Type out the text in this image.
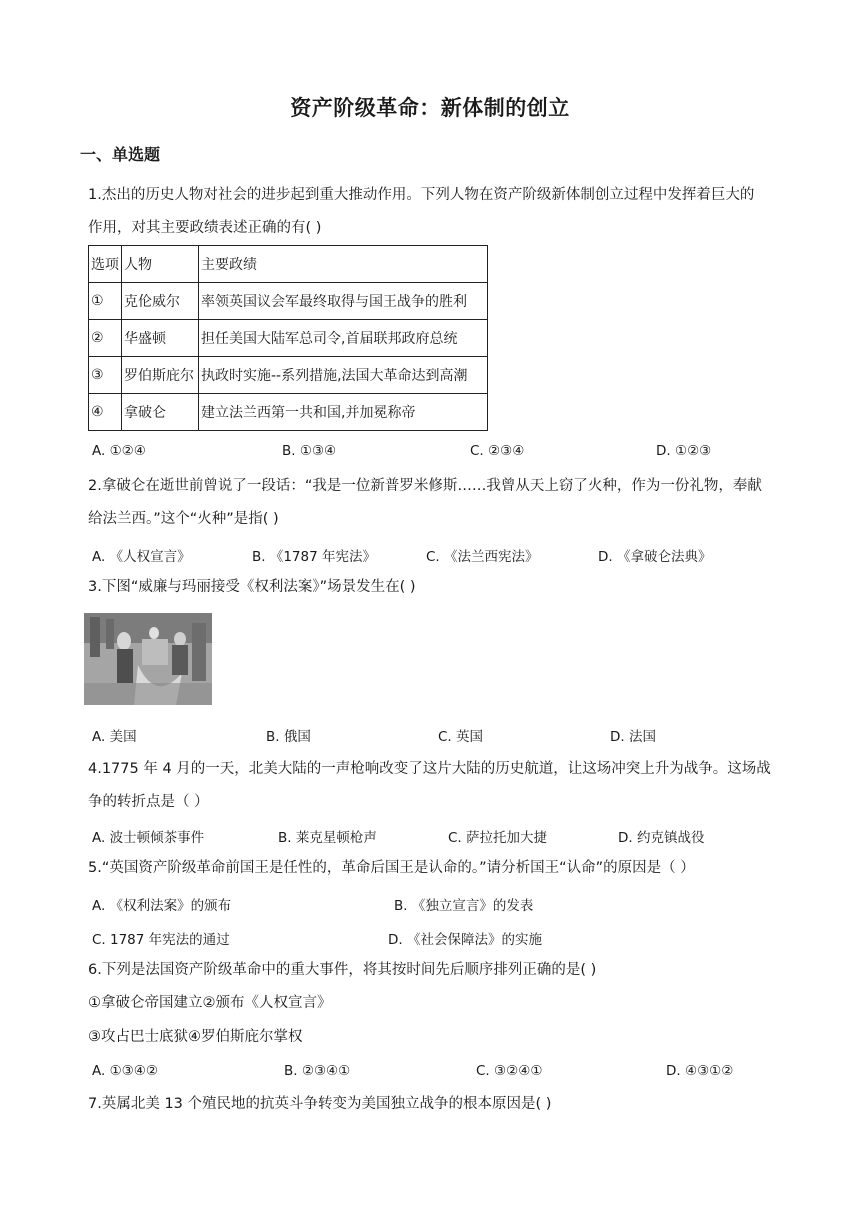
资产阶级革命：新体制的创立
一、单选题
1.杰出的历史人物对社会的进步起到重大推动作用。下列人物在资产阶级新体制创立过程中发挥着巨大的
作用，对其主要政绩表述正确的有( )
选项	人物	主要政绩
①	克伦威尔	率领英国议会军最终取得与国王战争的胜利
②	华盛顿	担任美国大陆军总司令,首届联邦政府总统
③	罗伯斯庇尔	执政时实施--系列措施,法国大革命达到高潮
④	拿破仑	建立法兰西第一共和国,并加冕称帝
A. ①②④	B. ①③④	C. ②③④	D. ①②③
2.拿破仑在逝世前曾说了一段话：“我是一位新普罗米修斯……我曾从天上窃了火种，作为一份礼物，奉献
给法兰西。”这个“火种”是指( )
A. 《人权宣言》	B. 《1787 年宪法》	C. 《法兰西宪法》	D. 《拿破仑法典》
3.下图“威廉与玛丽接受《权利法案》”场景发生在( )
A. 美国	B. 俄国	C. 英国	D. 法国
4.1775 年 4 月的一天，北美大陆的一声枪响改变了这片大陆的历史航道，让这场冲突上升为战争。这场战
争的转折点是（ ）
A. 波士顿倾茶事件	B. 莱克星顿枪声	C. 萨拉托加大捷	D. 约克镇战役
5.“英国资产阶级革命前国王是任性的，革命后国王是认命的。”请分析国王“认命”的原因是（ ）
A. 《权利法案》的颁布	B. 《独立宣言》的发表
C. 1787 年宪法的通过	D. 《社会保障法》的实施
6.下列是法国资产阶级革命中的重大事件，将其按时间先后顺序排列正确的是( )
①拿破仑帝国建立②颁布《人权宣言》
③攻占巴士底狱④罗伯斯庇尔掌权
A. ①③④②	B. ②③④①	C. ③②④①	D. ④③①②
7.英属北美 13 个殖民地的抗英斗争转变为美国独立战争的根本原因是( )
